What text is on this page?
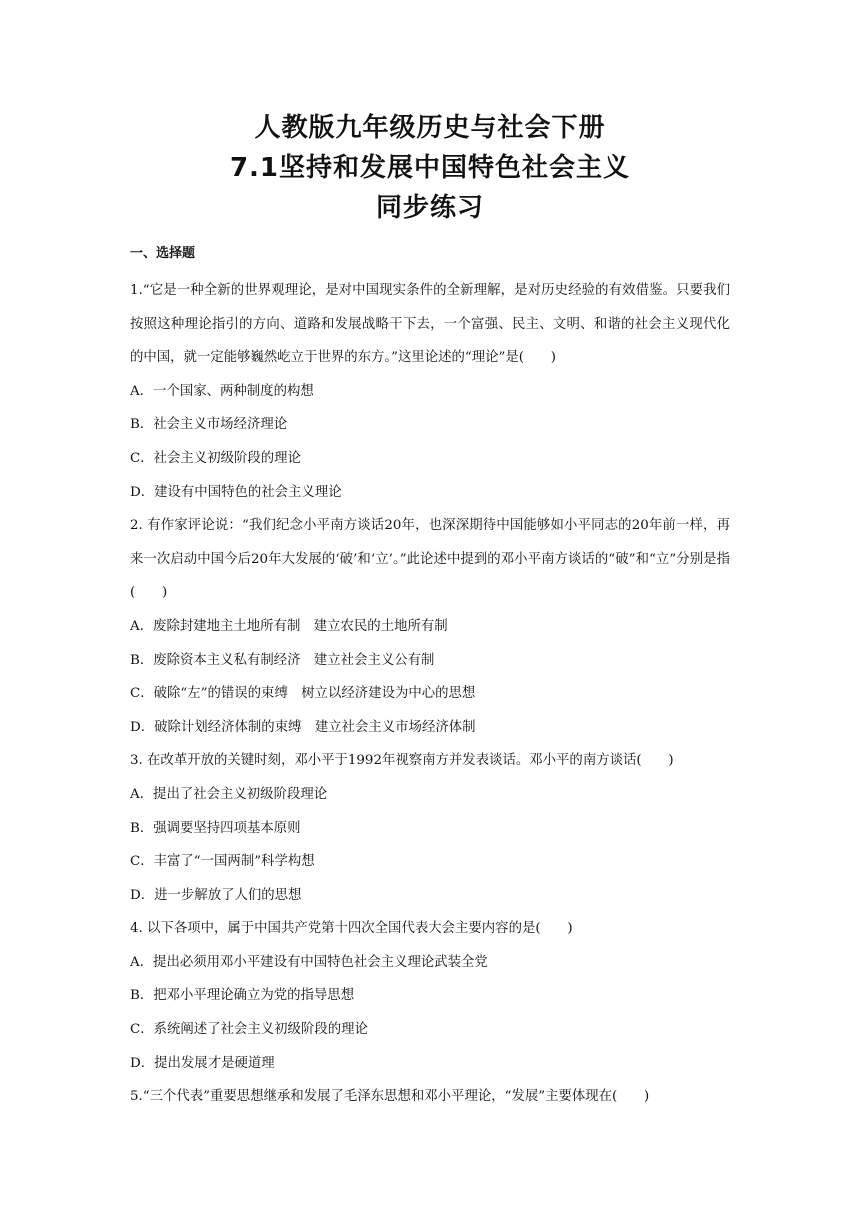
人教版九年级历史与社会下册
7.1坚持和发展中国特色社会主义
同步练习
一、选择题
1.“它是一种全新的世界观理论，是对中国现实条件的全新理解，是对历史经验的有效借鉴。只要我们按照这种理论指引的方向、道路和发展战略干下去，一个富强、民主、文明、和谐的社会主义现代化的中国，就一定能够巍然屹立于世界的东方。”这里论述的“理论”是(　　)
A．一个国家、两种制度的构想
B．社会主义市场经济理论
C．社会主义初级阶段的理论
D．建设有中国特色的社会主义理论
2. 有作家评论说：“我们纪念小平南方谈话20年，也深深期待中国能够如小平同志的20年前一样，再来一次启动中国今后20年大发展的‘破’和‘立’。”此论述中提到的邓小平南方谈话的“破”和“立”分别是指(　　)
A．废除封建地主土地所有制　建立农民的土地所有制
B．废除资本主义私有制经济　建立社会主义公有制
C．破除“左”的错误的束缚　树立以经济建设为中心的思想
D．破除计划经济体制的束缚　建立社会主义市场经济体制
3. 在改革开放的关键时刻，邓小平于1992年视察南方并发表谈话。邓小平的南方谈话(　　)
A．提出了社会主义初级阶段理论
B．强调要坚持四项基本原则
C．丰富了“一国两制”科学构想
D．进一步解放了人们的思想
4. 以下各项中，属于中国共产党第十四次全国代表大会主要内容的是(　　)
A．提出必须用邓小平建设有中国特色社会主义理论武装全党
B．把邓小平理论确立为党的指导思想
C．系统阐述了社会主义初级阶段的理论
D．提出发展才是硬道理
5.“三个代表”重要思想继承和发展了毛泽东思想和邓小平理论，“发展”主要体现在(　　)
